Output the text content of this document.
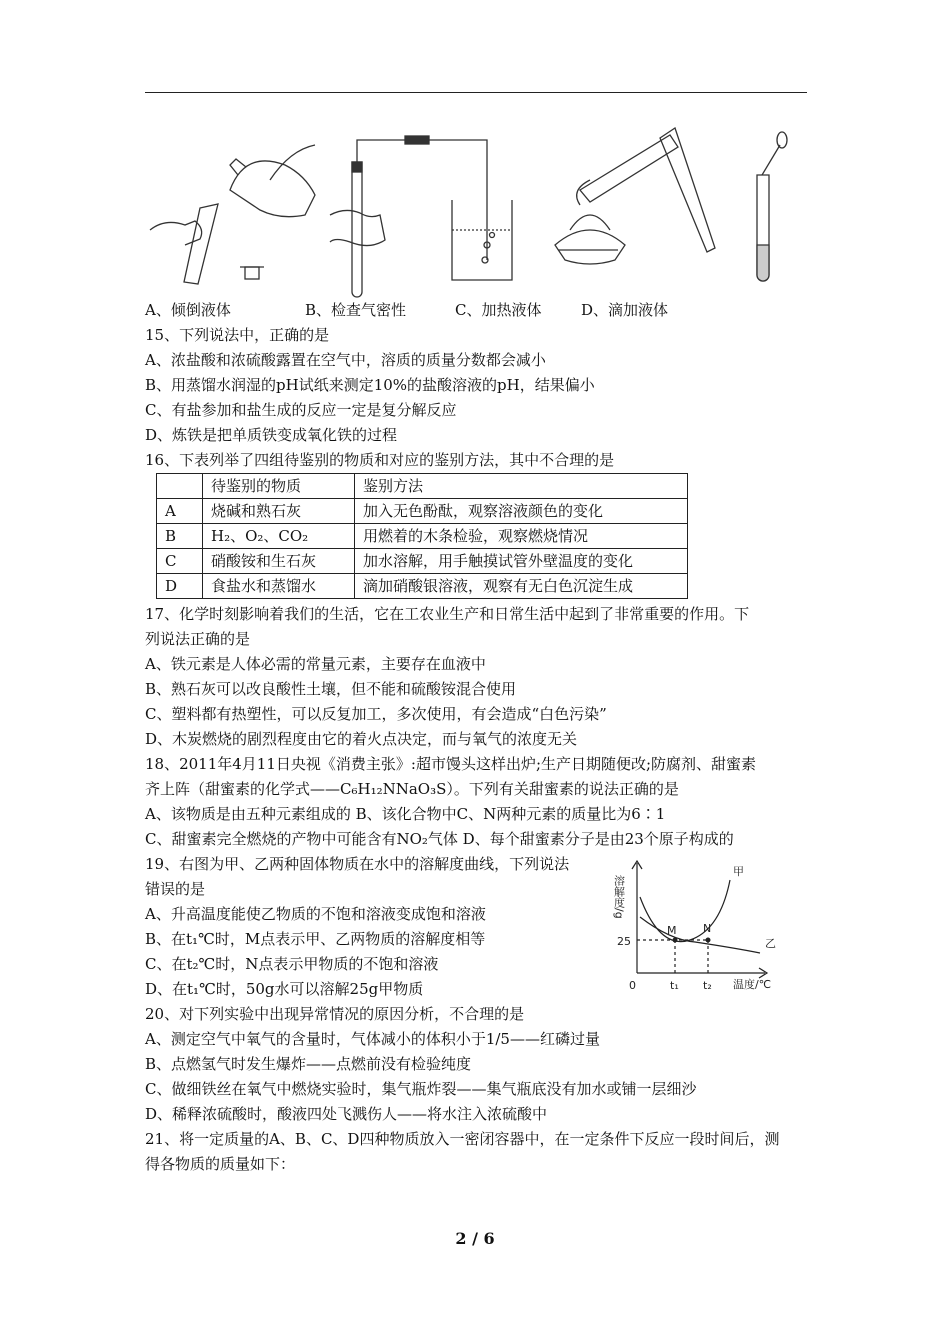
A、倾倒液体	B、检查气密性	C、加热液体	D、滴加液体
15、下列说法中，正确的是
A、浓盐酸和浓硫酸露置在空气中，溶质的质量分数都会减小
B、用蒸馏水润湿的pH试纸来测定10%的盐酸溶液的pH，结果偏小
C、有盐参加和盐生成的反应一定是复分解反应
D、炼铁是把单质铁变成氧化铁的过程
16、下表列举了四组待鉴别的物质和对应的鉴别方法，其中不合理的是
	待鉴别的物质	鉴别方法
A	烧碱和熟石灰	加入无色酚酞，观察溶液颜色的变化
B	H₂、O₂、CO₂	用燃着的木条检验，观察燃烧情况
C	硝酸铵和生石灰	加水溶解，用手触摸试管外壁温度的变化
D	食盐水和蒸馏水	滴加硝酸银溶液，观察有无白色沉淀生成
17、化学时刻影响着我们的生活，它在工农业生产和日常生活中起到了非常重要的作用。下
列说法正确的是
A、铁元素是人体必需的常量元素，主要存在血液中
B、熟石灰可以改良酸性土壤，但不能和硫酸铵混合使用
C、塑料都有热塑性，可以反复加工，多次使用，有会造成“白色污染”
D、木炭燃烧的剧烈程度由它的着火点决定，而与氧气的浓度无关
18、2011年4月11日央视《消费主张》:超市馒头这样出炉;生产日期随便改;防腐剂、甜蜜素
齐上阵（甜蜜素的化学式——C₆H₁₂NNaO₃S）。下列有关甜蜜素的说法正确的是
A、该物质是由五种元素组成的 B、该化合物中C、N两种元素的质量比为6∶1
C、甜蜜素完全燃烧的产物中可能含有NO₂气体 D、每个甜蜜素分子是由23个原子构成的
19、右图为甲、乙两种固体物质在水中的溶解度曲线，下列说法
错误的是
A、升高温度能使乙物质的不饱和溶液变成饱和溶液
B、在t₁℃时，M点表示甲、乙两物质的溶解度相等
C、在t₂℃时，N点表示甲物质的不饱和溶液
D、在t₁℃时，50g水可以溶解25g甲物质
20、对下列实验中出现异常情况的原因分析，不合理的是
A、测定空气中氧气的含量时，气体减小的体积小于1/5——红磷过量
B、点燃氢气时发生爆炸——点燃前没有检验纯度
C、做细铁丝在氧气中燃烧实验时，集气瓶炸裂——集气瓶底没有加水或铺一层细沙
D、稀释浓硫酸时，酸液四处飞溅伤人——将水注入浓硫酸中
21、将一定质量的A、B、C、D四种物质放入一密闭容器中，在一定条件下反应一段时间后，测
得各物质的质量如下：
溶解度/g
25
0	t₁ t₂ 温度/℃
甲
乙
M N
2 / 6
